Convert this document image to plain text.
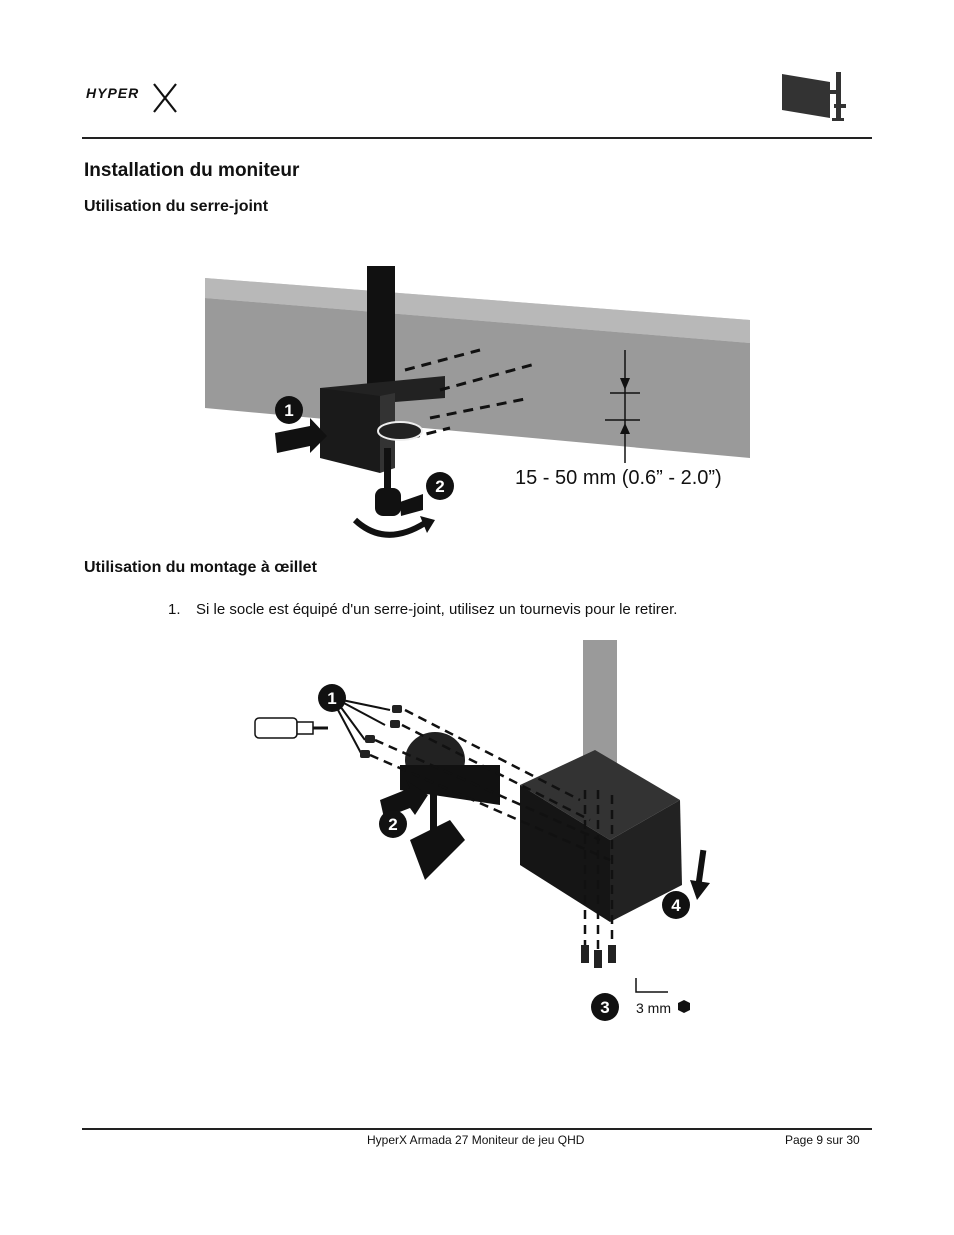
HYPER
Installation du moniteur
Utilisation du serre-joint
1
2	15 - 50 mm (0.6” - 2.0”)
Utilisation du montage à œillet
1. Si le socle est équipé d'un serre-joint, utilisez un tournevis pour le retirer.
1
2
3
4
3 mm
HyperX Armada 27 Moniteur de jeu QHD	Page 9 sur 30
